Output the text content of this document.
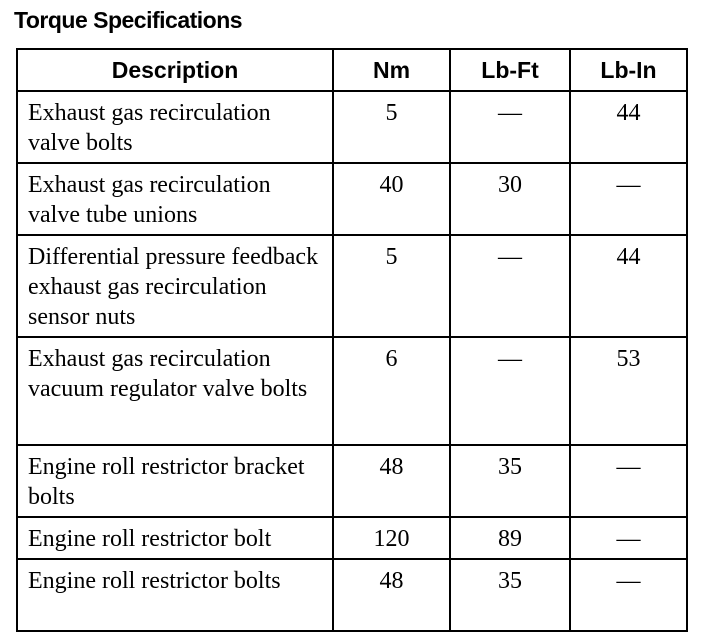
Torque Specifications
Description	Nm	Lb-Ft	Lb-In
Exhaust gas recirculation valve bolts	5	—	44
Exhaust gas recirculation valve tube unions	40	30	—
Differential pressure feedback exhaust gas recirculation sensor nuts	5	—	44
Exhaust gas recirculation vacuum regulator valve bolts	6	—	53
Engine roll restrictor bracket bolts	48	35	—
Engine roll restrictor bolt	120	89	—
Engine roll restrictor bolts	48	35	—
